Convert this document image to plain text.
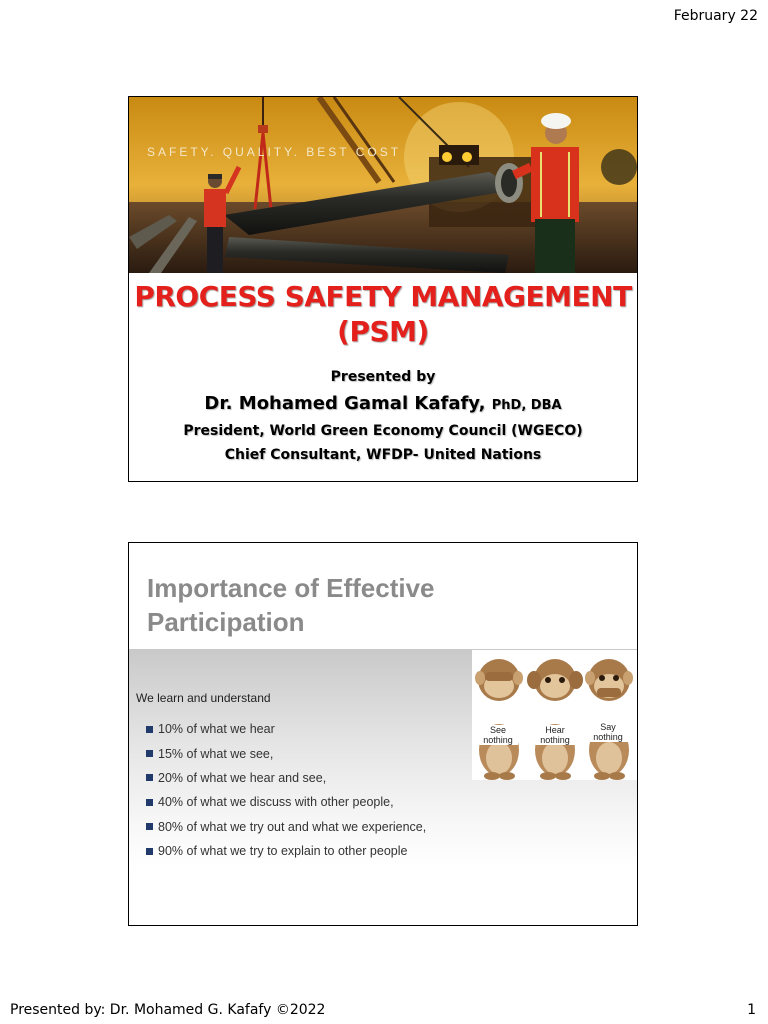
February 22
SAFETY. QUALITY. BEST COST
PROCESS SAFETY MANAGEMENT
(PSM)
Presented by
Dr. Mohamed Gamal Kafafy, PhD, DBA
President, World Green Economy Council (WGECO)
Chief Consultant, WFDP- United Nations
Importance of Effective
Participation
We learn and understand
10% of what we hear
15% of what we see,
20% of what we hear and see,
40% of what we discuss with other people,
80% of what we try out and what we experience,
90% of what we try to explain to other people
See
nothing
Hear
nothing
Say
nothing
Presented by: Dr. Mohamed G. Kafafy ©2022	1
